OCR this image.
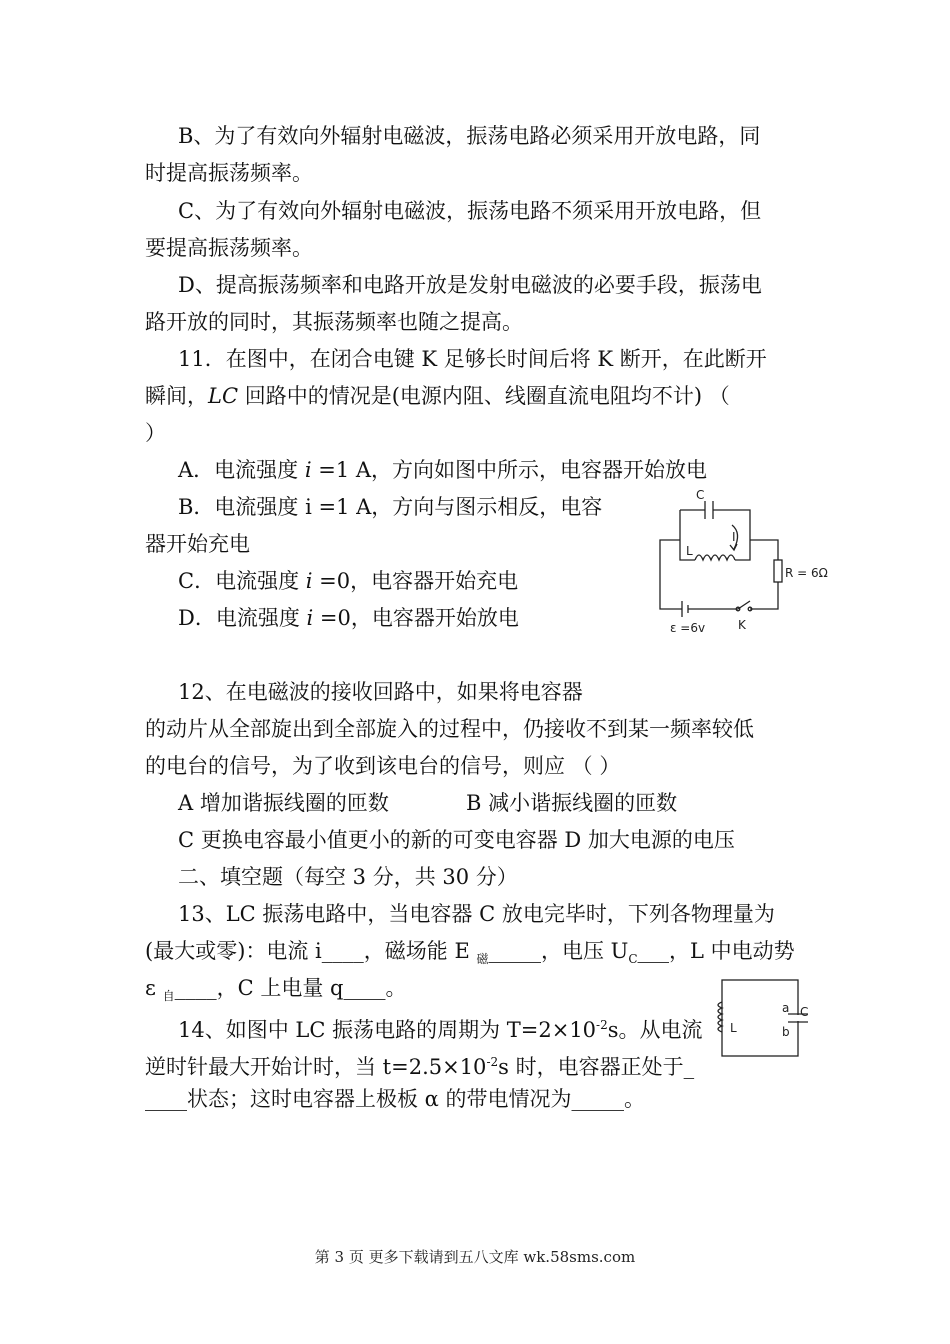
B、为了有效向外辐射电磁波，振荡电路必须采用开放电路，同
时提高振荡频率。
C、为了有效向外辐射电磁波，振荡电路不须采用开放电路，但
要提高振荡频率。
D、提高振荡频率和电路开放是发射电磁波的必要手段，振荡电
路开放的同时，其振荡频率也随之提高。
11．在图中，在闭合电键 K 足够长时间后将 K 断开，在此断开
瞬间，LC 回路中的情况是(电源内阻、线圈直流电阻均不计) （
）
A．电流强度 i =1 A，方向如图中所示，电容器开始放电
B．电流强度 i =1 A，方向与图示相反，电容
器开始充电
C．电流强度 i =0，电容器开始充电
D．电流强度 i =0，电容器开始放电
C
I
L
R = 6Ω
ε =6v	K
12、在电磁波的接收回路中，如果将电容器
的动片从全部旋出到全部旋入的过程中，仍接收不到某一频率较低
的电台的信号，为了收到该电台的信号，则应 （ ）
A 增加谐振线圈的匝数	B 减小谐振线圈的匝数
C 更换电容最小值更小的新的可变电容器 D 加大电源的电压
二、填空题（每空 3 分，共 30 分）
13、LC 振荡电路中，当电容器 C 放电完毕时，下列各物理量为
(最大或零)：电流 i____，磁场能 E $_磁$_____，电压 $U_C\_\_\_$，L 中电动势
ε $_自$____，C 上电量 q____。
14、如图中 LC 振荡电路的周期为 $T=2\times 10^{-2}s$。从电流
逆时针最大开始计时，当 $t=2.5\times 10^{-2}s$ 时，电容器正处于_
____状态；这时电容器上极板 α 的带电情况为_____。
L
a C
b
第 3 页 更多下载请到五八文库 wk.58sms.com
